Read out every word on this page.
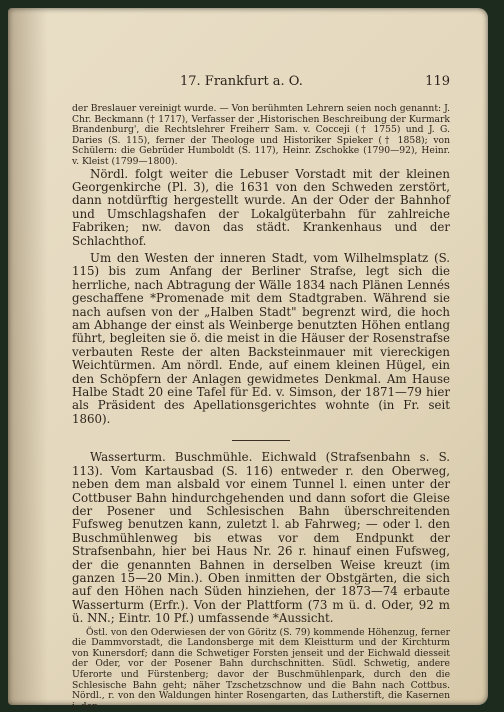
17. Frankfurt a. O.	119

der Breslauer vereinigt wurde. — Von berühmten Lehrern seien noch genannt: J. Chr. Beckmann († 1717), Verfasser der ‚Historischen Beschreibung der Kurmark Brandenburg', die Rechtslehrer Freiherr Sam. v. Cocceji († 1755) und J. G. Daries (S. 115), ferner der Theologe und Historiker Spieker († 1858); von Schülern: die Gebrüder Humboldt (S. 117), Heinr. Zschokke (1790—92), Heinr. v. Kleist (1799—1800).

Nördl. folgt weiter die Lebuser Vorstadt mit der kleinen Georgenkirche (Pl. 3), die 1631 von den Schweden zerstört, dann notdürftig hergestellt wurde. An der Oder der Bahnhof und Umschlagshafen der Lokalgüterbahn für zahlreiche Fabriken; nw. davon das städt. Krankenhaus und der Schlachthof.

Um den Westen der inneren Stadt, vom Wilhelmsplatz (S. 115) bis zum Anfang der Berliner Strafse, legt sich die herrliche, nach Abtragung der Wälle 1834 nach Plänen Lennés geschaffene *Promenade mit dem Stadtgraben. Während sie nach aufsen von der „Halben Stadt" begrenzt wird, die hoch am Abhange der einst als Weinberge benutzten Höhen entlang führt, begleiten sie ö. die meist in die Häuser der Rosenstrafse verbauten Reste der alten Backsteinmauer mit viereckigen Weichtürmen. Am nördl. Ende, auf einem kleinen Hügel, ein den Schöpfern der Anlagen gewidmetes Denkmal. Am Hause Halbe Stadt 20 eine Tafel für Ed. v. Simson, der 1871—79 hier als Präsident des Apellationsgerichtes wohnte (in Fr. seit 1860).

Wasserturm. Buschmühle. Eichwald (Strafsenbahn s. S. 113). Vom Kartausbad (S. 116) entweder r. den Oberweg, neben dem man alsbald vor einem Tunnel l. einen unter der Cottbuser Bahn hindurchgehenden und dann sofort die Gleise der Posener und Schlesischen Bahn überschreitenden Fufsweg benutzen kann, zuletzt l. ab Fahrweg; — oder l. den Buschmühlenweg bis etwas vor dem Endpunkt der Strafsenbahn, hier bei Haus Nr. 26 r. hinauf einen Fufsweg, der die genannten Bahnen in derselben Weise kreuzt (im ganzen 15—20 Min.). Oben inmitten der Obstgärten, die sich auf den Höhen nach Süden hinziehen, der 1873—74 erbaute Wasserturm (Erfr.). Von der Plattform (73 m ü. d. Oder, 92 m ü. NN.; Eintr. 10 Pf.) umfassende *Aussicht.

Östl. von den Oderwiesen der von Göritz (S. 79) kommende Höhenzug, ferner die Dammvorstadt, die Landonsberge mit dem Kleistturm und der Kirchturm von Kunersdorf; dann die Schwetiger Forsten jenseit und der Eichwald diesseit der Oder, vor der Posener Bahn durchschnitten. Südl. Schwetig, andere Uferorte und Fürstenberg; davor der Buschmühlenpark, durch den die Schlesische Bahn geht; näher Tzschetzschnow und die Bahn nach Cottbus. Nördl., r. von den Waldungen hinter Rosengarten, das Lutherstift, die Kasernen i. der
